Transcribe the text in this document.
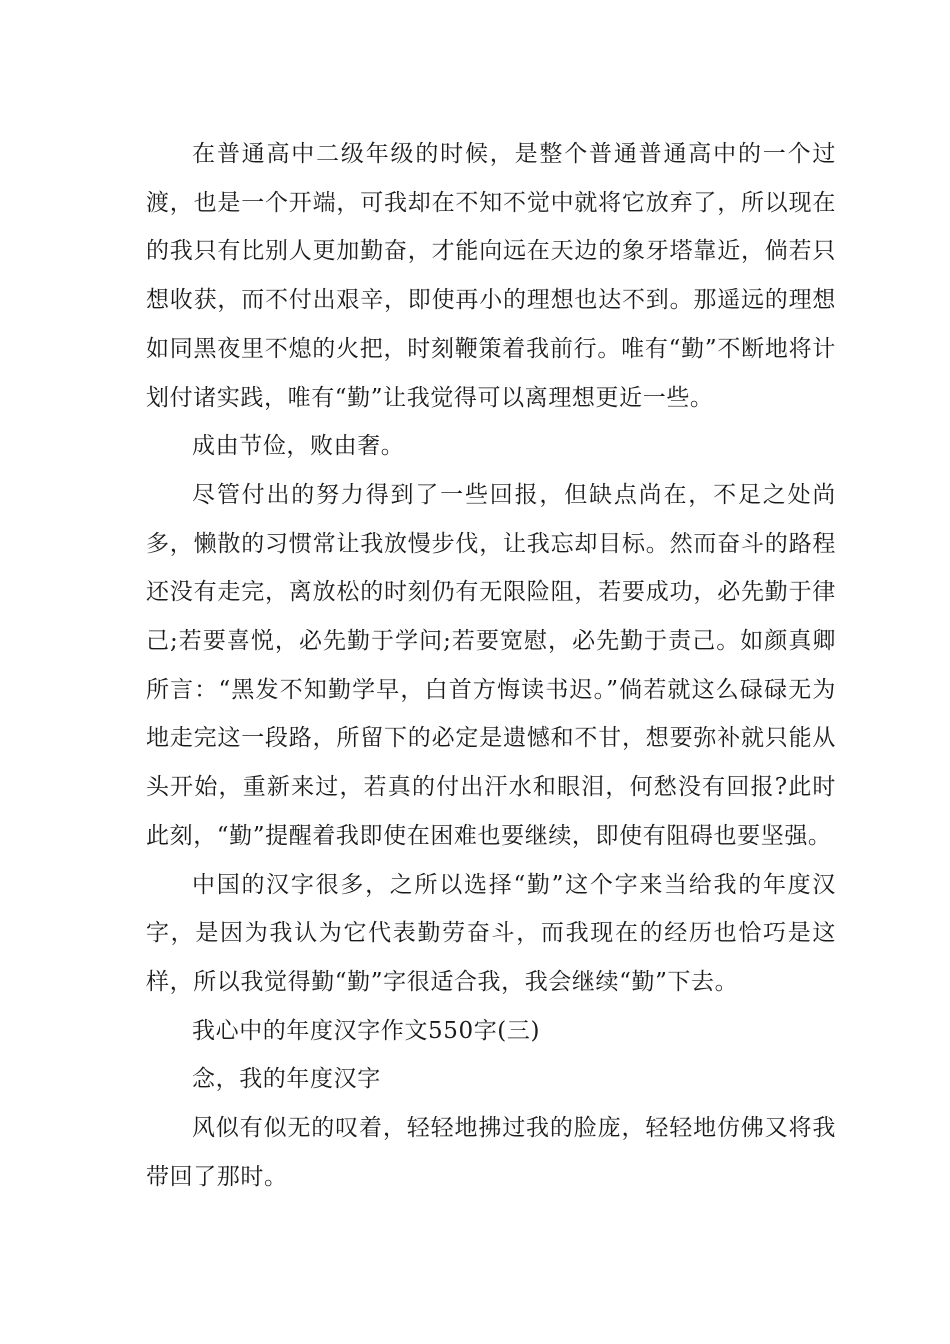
在普通高中二级年级的时候，是整个普通普通高中的一个过渡，也是一个开端，可我却在不知不觉中就将它放弃了，所以现在的我只有比别人更加勤奋，才能向远在天边的象牙塔靠近，倘若只想收获，而不付出艰辛，即使再小的理想也达不到。那遥远的理想如同黑夜里不熄的火把，时刻鞭策着我前行。唯有“勤”不断地将计划付诸实践，唯有“勤”让我觉得可以离理想更近一些。

成由节俭，败由奢。

尽管付出的努力得到了一些回报，但缺点尚在，不足之处尚多，懒散的习惯常让我放慢步伐，让我忘却目标。然而奋斗的路程还没有走完，离放松的时刻仍有无限险阻，若要成功，必先勤于律己;若要喜悦，必先勤于学问;若要宽慰，必先勤于责己。如颜真卿所言：“黑发不知勤学早，白首方悔读书迟。”倘若就这么碌碌无为地走完这一段路，所留下的必定是遗憾和不甘，想要弥补就只能从头开始，重新来过，若真的付出汗水和眼泪，何愁没有回报?此时此刻，“勤”提醒着我即使在困难也要继续，即使有阻碍也要坚强。

中国的汉字很多，之所以选择“勤”这个字来当给我的年度汉字，是因为我认为它代表勤劳奋斗，而我现在的经历也恰巧是这样，所以我觉得勤“勤”字很适合我，我会继续“勤”下去。

我心中的年度汉字作文550字(三)

念，我的年度汉字

风似有似无的叹着，轻轻地拂过我的脸庞，轻轻地仿佛又将我带回了那时。
